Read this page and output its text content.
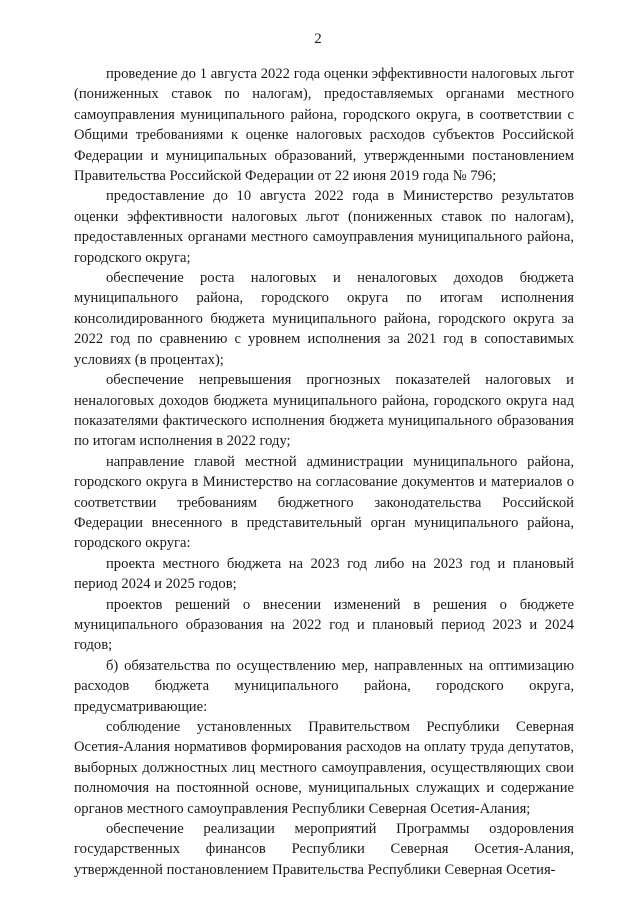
2

проведение до 1 августа 2022 года оценки эффективности налоговых льгот (пониженных ставок по налогам), предоставляемых органами местного самоуправления муниципального района, городского округа, в соответствии с Общими требованиями к оценке налоговых расходов субъектов Российской Федерации и муниципальных образований, утвержденными постановлением Правительства Российской Федерации от 22 июня 2019 года № 796;

предоставление до 10 августа 2022 года в Министерство результатов оценки эффективности налоговых льгот (пониженных ставок по налогам), предоставленных органами местного самоуправления муниципального района, городского округа;

обеспечение роста налоговых и неналоговых доходов бюджета муниципального района, городского округа по итогам исполнения консолидированного бюджета муниципального района, городского округа за 2022 год по сравнению с уровнем исполнения за 2021 год в сопоставимых условиях (в процентах);

обеспечение непревышения прогнозных показателей налоговых и неналоговых доходов бюджета муниципального района, городского округа над показателями фактического исполнения бюджета муниципального образования по итогам исполнения в 2022 году;

направление главой местной администрации муниципального района, городского округа в Министерство на согласование документов и материалов о соответствии требованиям бюджетного законодательства Российской Федерации внесенного в представительный орган муниципального района, городского округа:

проекта местного бюджета на 2023 год либо на 2023 год и плановый период 2024 и 2025 годов;

проектов решений о внесении изменений в решения о бюджете муниципального образования на 2022 год и плановый период 2023 и 2024 годов;

б) обязательства по осуществлению мер, направленных на оптимизацию расходов бюджета муниципального района, городского округа, предусматривающие:

соблюдение установленных Правительством Республики Северная Осетия-Алания нормативов формирования расходов на оплату труда депутатов, выборных должностных лиц местного самоуправления, осуществляющих свои полномочия на постоянной основе, муниципальных служащих и содержание органов местного самоуправления Республики Северная Осетия-Алания;

обеспечение реализации мероприятий Программы оздоровления государственных финансов Республики Северная Осетия-Алания, утвержденной постановлением Правительства Республики Северная Осетия-
